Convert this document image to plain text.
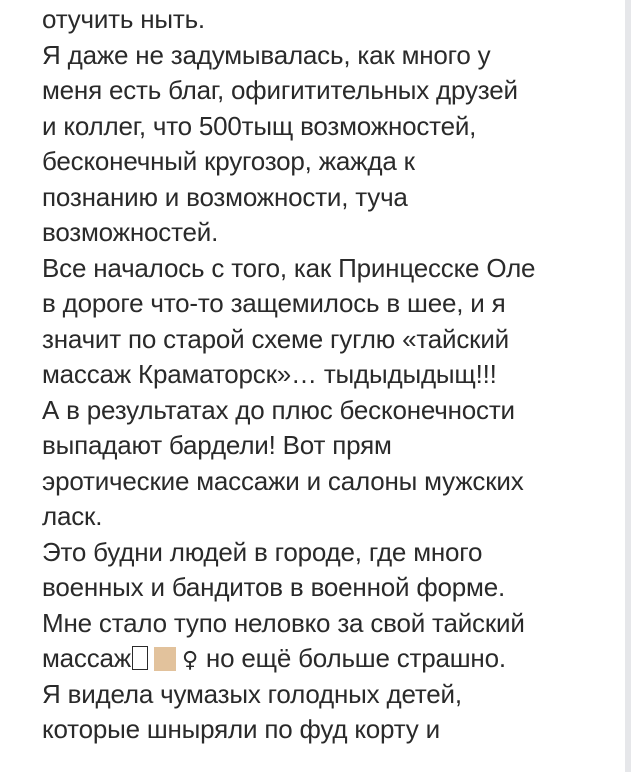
отучить ныть.
Я даже не задумывалась, как много у
меня есть благ, офигитительных друзей
и коллег, что 500тыщ возможностей,
бесконечный кругозор, жажда к
познанию и возможности, туча
возможностей.
Все началось с того, как Принцесске Оле
в дороге что-то защемилось в шее, и я
значит по старой схеме гуглю «тайский
массаж Краматорск»… тыдыдыдыщ!!!
А в результатах до плюс бесконечности
выпадают бардели! Вот прям
эротические массажи и салоны мужских
ласк.
Это будни людей в городе, где много
военных и бандитов в военной форме.
Мне стало тупо неловко за свой тайский
массаж ♀ но ещё больше страшно.
Я видела чумазых голодных детей,
которые шныряли по фуд корту и
